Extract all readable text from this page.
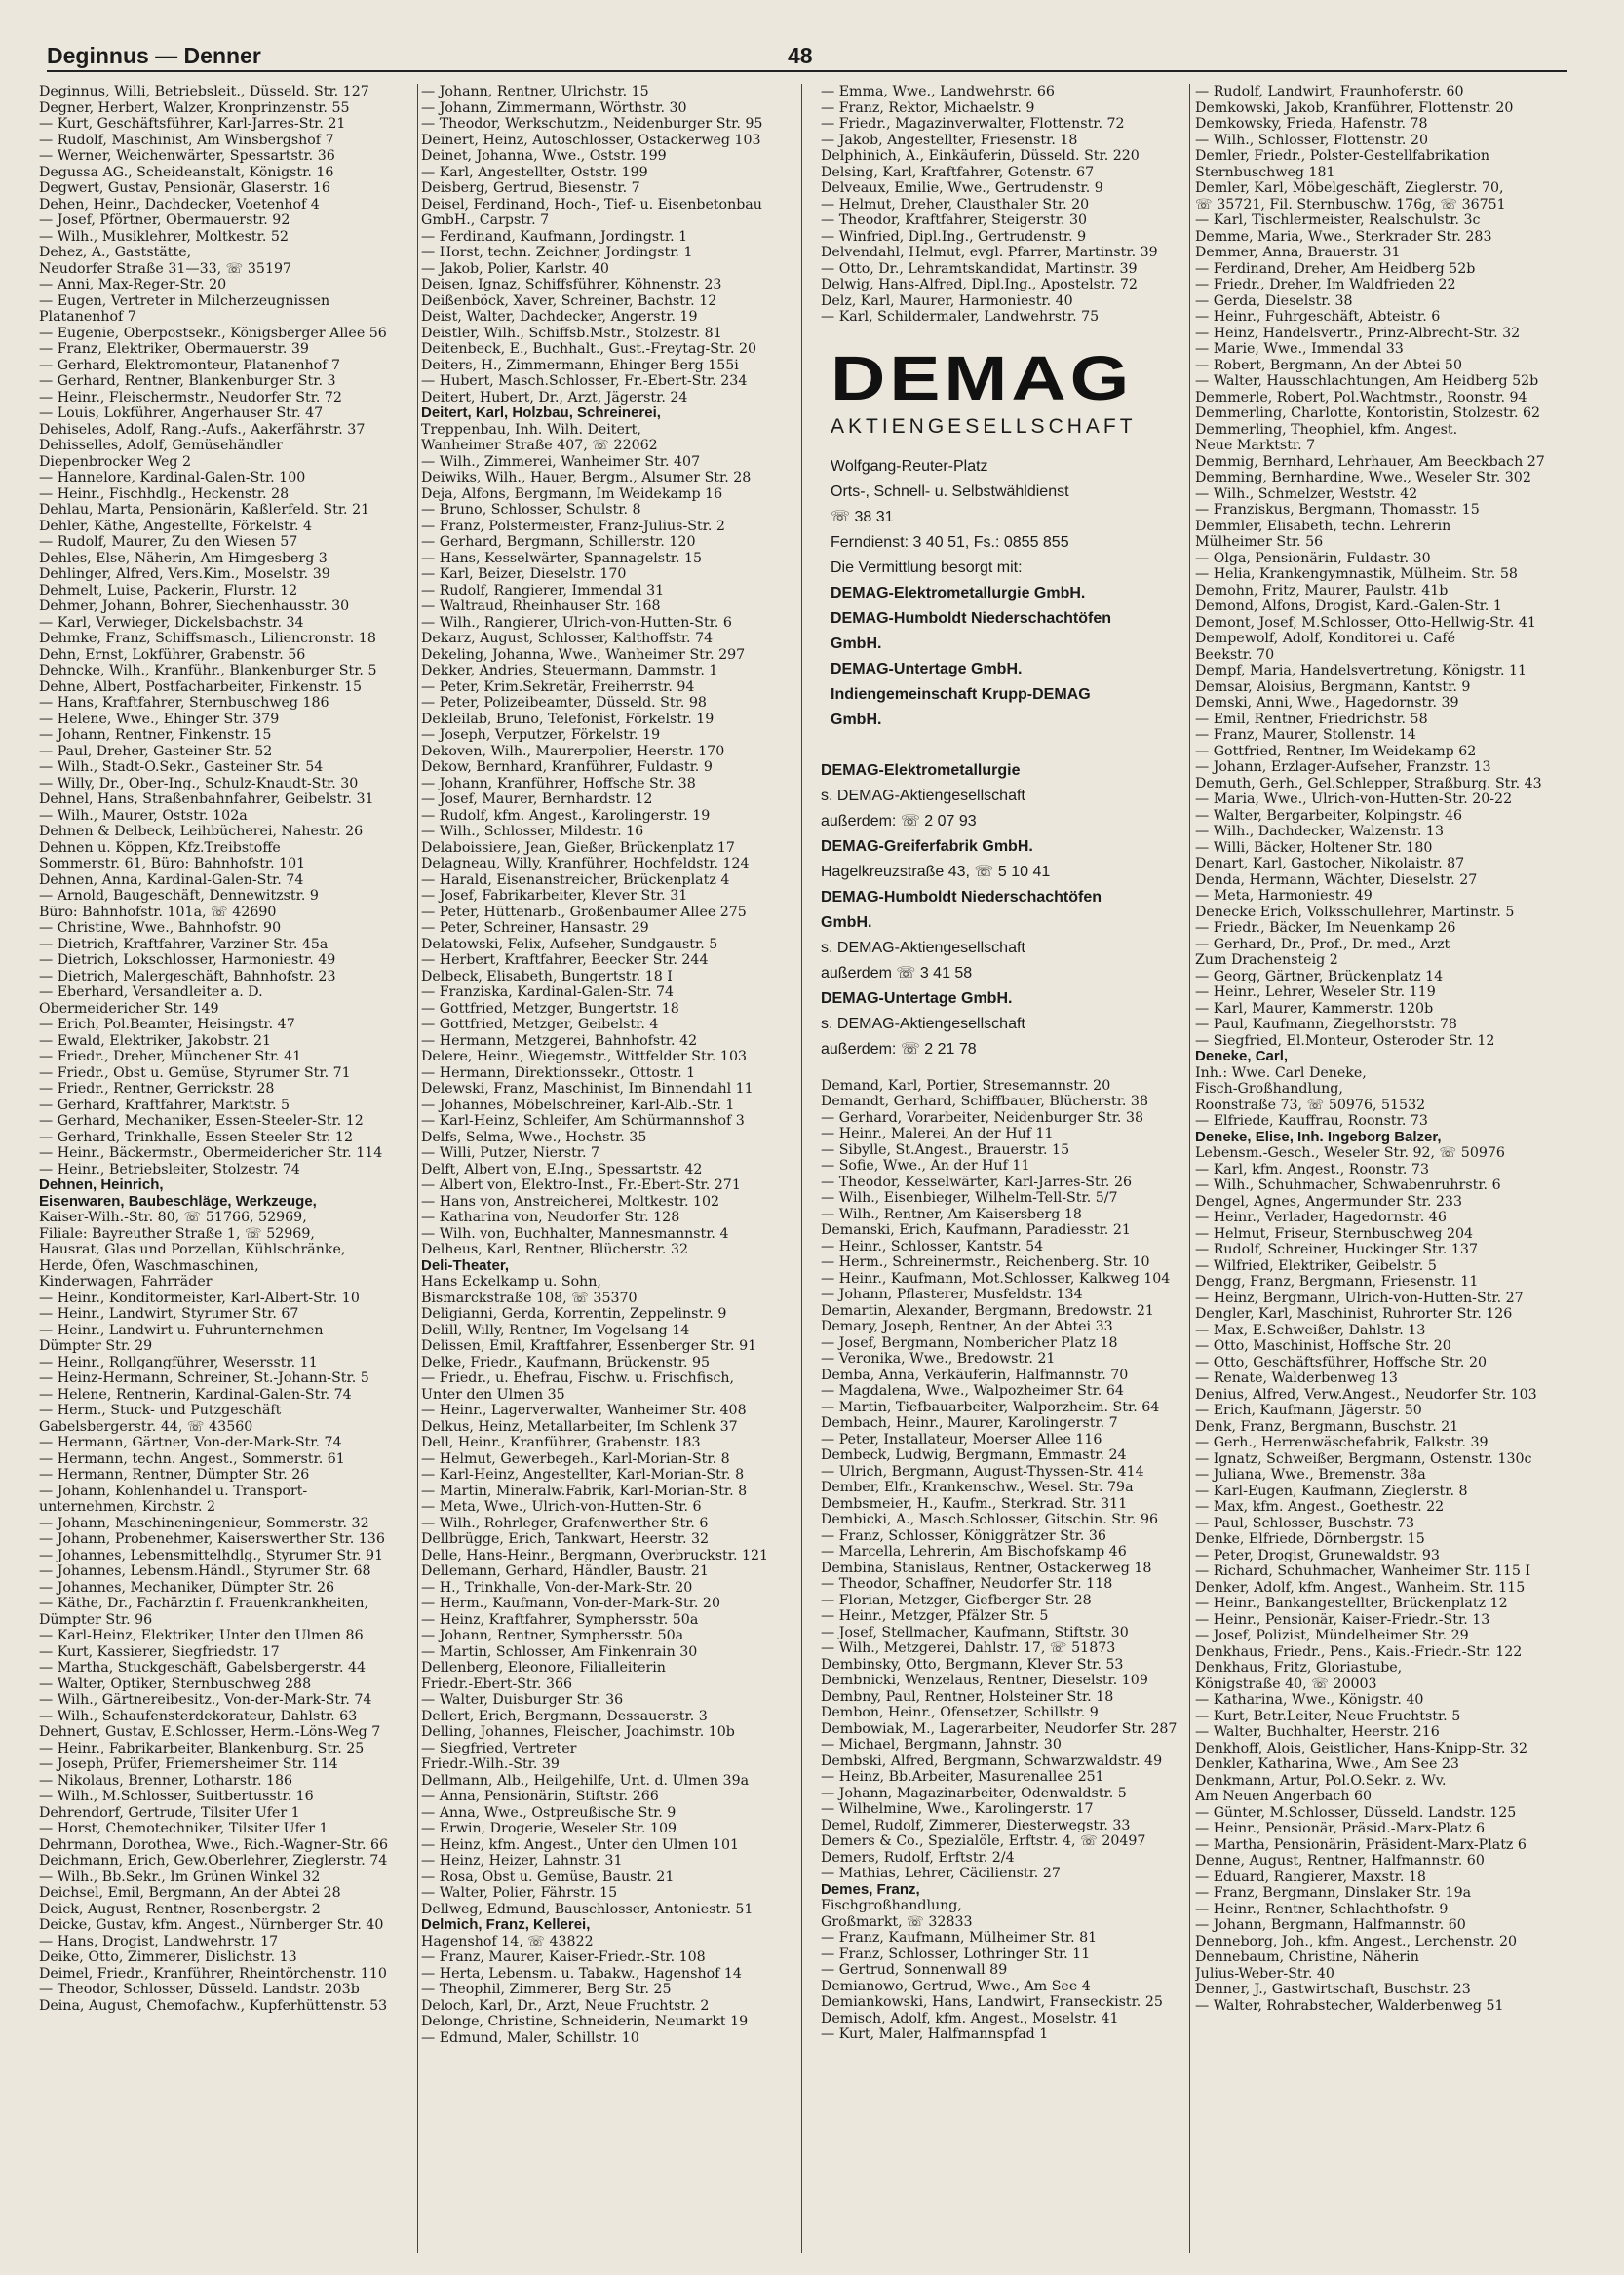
Deginnus — Denner	48
Deginnus, Willi, Betriebsleit., Düsseld. Str. 127
Degner, Herbert, Walzer, Kronprinzenstr. 55
— Kurt, Geschäftsführer, Karl-Jarres-Str. 21
— Rudolf, Maschinist, Am Winsbergshof 7
— Werner, Weichenwärter, Spessartstr. 36
Degussa AG., Scheideanstalt, Königstr. 16
Degwert, Gustav, Pensionär, Glaserstr. 16
Dehen, Heinr., Dachdecker, Voetenhof 4
— Josef, Pförtner, Obermauerstr. 92
— Wilh., Musiklehrer, Moltkestr. 52
Dehez, A., Gaststätte,
Neudorfer Straße 31—33, ☏ 35197
— Anni, Max-Reger-Str. 20
— Eugen, Vertreter in Milcherzeugnissen
Platanenhof 7
— Eugenie, Oberpostsekr., Königsberger Allee 56
— Franz, Elektriker, Obermauerstr. 39
— Gerhard, Elektromonteur, Platanenhof 7
— Gerhard, Rentner, Blankenburger Str. 3
— Heinr., Fleischermstr., Neudorfer Str. 72
— Louis, Lokführer, Angerhauser Str. 47
Dehiseles, Adolf, Rang.-Aufs., Aakerfährstr. 37
Dehisselles, Adolf, Gemüsehändler
Diepenbrocker Weg 2
— Hannelore, Kardinal-Galen-Str. 100
— Heinr., Fischhdlg., Heckenstr. 28
Dehlau, Marta, Pensionärin, Kaßlerfeld. Str. 21
Dehler, Käthe, Angestellte, Förkelstr. 4
— Rudolf, Maurer, Zu den Wiesen 57
Dehles, Else, Näherin, Am Himgesberg 3
Dehlinger, Alfred, Vers.Kim., Moselstr. 39
Dehmelt, Luise, Packerin, Flurstr. 12
Dehmer, Johann, Bohrer, Siechenhausstr. 30
— Karl, Verwieger, Dickelsbachstr. 34
Dehmke, Franz, Schiffsmasch., Liliencronstr. 18
Dehn, Ernst, Lokführer, Grabenstr. 56
Dehncke, Wilh., Kranführ., Blankenburger Str. 5
Dehne, Albert, Postfacharbeiter, Finkenstr. 15
— Hans, Kraftfahrer, Sternbuschweg 186
— Helene, Wwe., Ehinger Str. 379
— Johann, Rentner, Finkenstr. 15
— Paul, Dreher, Gasteiner Str. 52
— Wilh., Stadt-O.Sekr., Gasteiner Str. 54
— Willy, Dr., Ober-Ing., Schulz-Knaudt-Str. 30
Dehnel, Hans, Straßenbahnfahrer, Geibelstr. 31
— Wilh., Maurer, Oststr. 102a
Dehnen & Delbeck, Leihbücherei, Nahestr. 26
Dehnen u. Köppen, Kfz.Treibstoffe
Sommerstr. 61, Büro: Bahnhofstr. 101
Dehnen, Anna, Kardinal-Galen-Str. 74
— Arnold, Baugeschäft, Dennewitzstr. 9
Büro: Bahnhofstr. 101a, ☏ 42690
— Christine, Wwe., Bahnhofstr. 90
— Dietrich, Kraftfahrer, Varziner Str. 45a
— Dietrich, Lokschlosser, Harmoniestr. 49
— Dietrich, Malergeschäft, Bahnhofstr. 23
— Eberhard, Versandleiter a. D.
Obermeidericher Str. 149
— Erich, Pol.Beamter, Heisingstr. 47
— Ewald, Elektriker, Jakobstr. 21
— Friedr., Dreher, Münchener Str. 41
— Friedr., Obst u. Gemüse, Styrumer Str. 71
— Friedr., Rentner, Gerrickstr. 28
— Gerhard, Kraftfahrer, Marktstr. 5
— Gerhard, Mechaniker, Essen-Steeler-Str. 12
— Gerhard, Trinkhalle, Essen-Steeler-Str. 12
— Heinr., Bäckermstr., Obermeidericher Str. 114
— Heinr., Betriebsleiter, Stolzestr. 74
Dehnen, Heinrich,
Eisenwaren, Baubeschläge, Werkzeuge,
Kaiser-Wilh.-Str. 80, ☏ 51766, 52969,
Filiale: Bayreuther Straße 1, ☏ 52969,
Hausrat, Glas und Porzellan, Kühlschränke,
Herde, Öfen, Waschmaschinen,
Kinderwagen, Fahrräder
— Heinr., Konditormeister, Karl-Albert-Str. 10
— Heinr., Landwirt, Styrumer Str. 67
— Heinr., Landwirt u. Fuhrunternehmen
Dümpter Str. 29
— Heinr., Rollgangführer, Wesersstr. 11
— Heinz-Hermann, Schreiner, St.-Johann-Str. 5
— Helene, Rentnerin, Kardinal-Galen-Str. 74
— Herm., Stuck- und Putzgeschäft
Gabelsbergerstr. 44, ☏ 43560
— Hermann, Gärtner, Von-der-Mark-Str. 74
— Hermann, techn. Angest., Sommerstr. 61
— Hermann, Rentner, Dümpter Str. 26
— Johann, Kohlenhandel u. Transport-
unternehmen, Kirchstr. 2
— Johann, Maschineningenieur, Sommerstr. 32
— Johann, Probenehmer, Kaiserswerther Str. 136
— Johannes, Lebensmittelhdlg., Styrumer Str. 91
— Johannes, Lebensm.Händl., Styrumer Str. 68
— Johannes, Mechaniker, Dümpter Str. 26
— Käthe, Dr., Fachärztin f. Frauenkrankheiten,
Dümpter Str. 96
— Karl-Heinz, Elektriker, Unter den Ulmen 86
— Kurt, Kassierer, Siegfriedstr. 17
— Martha, Stuckgeschäft, Gabelsbergerstr. 44
— Walter, Optiker, Sternbuschweg 288
— Wilh., Gärtnereibesitz., Von-der-Mark-Str. 74
— Wilh., Schaufensterdekorateur, Dahlstr. 63
Dehnert, Gustav, E.Schlosser, Herm.-Löns-Weg 7
— Heinr., Fabrikarbeiter, Blankenburg. Str. 25
— Joseph, Prüfer, Friemersheimer Str. 114
— Nikolaus, Brenner, Lotharstr. 186
— Wilh., M.Schlosser, Suitbertusstr. 16
Dehrendorf, Gertrude, Tilsiter Ufer 1
— Horst, Chemotechniker, Tilsiter Ufer 1
Dehrmann, Dorothea, Wwe., Rich.-Wagner-Str. 66
Deichmann, Erich, Gew.Oberlehrer, Zieglerstr. 74
— Wilh., Bb.Sekr., Im Grünen Winkel 32
Deichsel, Emil, Bergmann, An der Abtei 28
Deick, August, Rentner, Rosenbergstr. 2
Deicke, Gustav, kfm. Angest., Nürnberger Str. 40
— Hans, Drogist, Landwehrstr. 17
Deike, Otto, Zimmerer, Dislichstr. 13
Deimel, Friedr., Kranführer, Rheintörchenstr. 110
— Theodor, Schlosser, Düsseld. Landstr. 203b
Deina, August, Chemofachw., Kupferhüttenstr. 53
— Johann, Rentner, Ulrichstr. 15
— Johann, Zimmermann, Wörthstr. 30
— Theodor, Werkschutzm., Neidenburger Str. 95
Deinert, Heinz, Autoschlosser, Ostackerweg 103
Deinet, Johanna, Wwe., Oststr. 199
— Karl, Angestellter, Oststr. 199
Deisberg, Gertrud, Biesenstr. 7
Deisel, Ferdinand, Hoch-, Tief- u. Eisenbetonbau
GmbH., Carpstr. 7
— Ferdinand, Kaufmann, Jordingstr. 1
— Horst, techn. Zeichner, Jordingstr. 1
— Jakob, Polier, Karlstr. 40
Deisen, Ignaz, Schiffsführer, Köhnenstr. 23
Deißenböck, Xaver, Schreiner, Bachstr. 12
Deist, Walter, Dachdecker, Angerstr. 19
Deistler, Wilh., Schiffsb.Mstr., Stolzestr. 81
Deitenbeck, E., Buchhalt., Gust.-Freytag-Str. 20
Deiters, H., Zimmermann, Ehinger Berg 155i
— Hubert, Masch.Schlosser, Fr.-Ebert-Str. 234
Deitert, Hubert, Dr., Arzt, Jägerstr. 24
Deitert, Karl, Holzbau, Schreinerei,
Treppenbau, Inh. Wilh. Deitert,
Wanheimer Straße 407, ☏ 22062
— Wilh., Zimmerei, Wanheimer Str. 407
Deiwiks, Wilh., Hauer, Bergm., Alsumer Str. 28
Deja, Alfons, Bergmann, Im Weidekamp 16
— Bruno, Schlosser, Schulstr. 8
— Franz, Polstermeister, Franz-Julius-Str. 2
— Gerhard, Bergmann, Schillerstr. 120
— Hans, Kesselwärter, Spannagelstr. 15
— Karl, Beizer, Dieselstr. 170
— Rudolf, Rangierer, Immendal 31
— Waltraud, Rheinhauser Str. 168
— Wilh., Rangierer, Ulrich-von-Hutten-Str. 6
Dekarz, August, Schlosser, Kalthoffstr. 74
Dekeling, Johanna, Wwe., Wanheimer Str. 297
Dekker, Andries, Steuermann, Dammstr. 1
— Peter, Krim.Sekretär, Freiherrstr. 94
— Peter, Polizeibeamter, Düsseld. Str. 98
Dekleilab, Bruno, Telefonist, Förkelstr. 19
— Joseph, Verputzer, Förkelstr. 19
Dekoven, Wilh., Maurerpolier, Heerstr. 170
Dekow, Bernhard, Kranführer, Fuldastr. 9
— Johann, Kranführer, Hoffsche Str. 38
— Josef, Maurer, Bernhardstr. 12
— Rudolf, kfm. Angest., Karolingerstr. 19
— Wilh., Schlosser, Mildestr. 16
Delaboissiere, Jean, Gießer, Brückenplatz 17
Delagneau, Willy, Kranführer, Hochfeldstr. 124
— Harald, Eisenanstreicher, Brückenplatz 4
— Josef, Fabrikarbeiter, Klever Str. 31
— Peter, Hüttenarb., Großenbaumer Allee 275
— Peter, Schreiner, Hansastr. 29
Delatowski, Felix, Aufseher, Sundgaustr. 5
— Herbert, Kraftfahrer, Beecker Str. 244
Delbeck, Elisabeth, Bungertstr. 18 I
— Franziska, Kardinal-Galen-Str. 74
— Gottfried, Metzger, Bungertstr. 18
— Gottfried, Metzger, Geibelstr. 4
— Hermann, Metzgerei, Bahnhofstr. 42
Delere, Heinr., Wiegemstr., Wittfelder Str. 103
— Hermann, Direktionssekr., Ottostr. 1
Delewski, Franz, Maschinist, Im Binnendahl 11
— Johannes, Möbelschreiner, Karl-Alb.-Str. 1
— Karl-Heinz, Schleifer, Am Schürmannshof 3
Delfs, Selma, Wwe., Hochstr. 35
— Willi, Putzer, Nierstr. 7
Delft, Albert von, E.Ing., Spessartstr. 42
— Albert von, Elektro-Inst., Fr.-Ebert-Str. 271
— Hans von, Anstreicherei, Moltkestr. 102
— Katharina von, Neudorfer Str. 128
— Wilh. von, Buchhalter, Mannesmannstr. 4
Delheus, Karl, Rentner, Blücherstr. 32
Deli-Theater,
Hans Eckelkamp u. Sohn,
Bismarckstraße 108, ☏ 35370
Deligianni, Gerda, Korrentin, Zeppelinstr. 9
Delill, Willy, Rentner, Im Vogelsang 14
Delissen, Emil, Kraftfahrer, Essenberger Str. 91
Delke, Friedr., Kaufmann, Brückenstr. 95
— Friedr., u. Ehefrau, Fischw. u. Frischfisch,
Unter den Ulmen 35
— Heinr., Lagerverwalter, Wanheimer Str. 408
Delkus, Heinz, Metallarbeiter, Im Schlenk 37
Dell, Heinr., Kranführer, Grabenstr. 183
— Helmut, Gewerbegeh., Karl-Morian-Str. 8
— Karl-Heinz, Angestellter, Karl-Morian-Str. 8
— Martin, Mineralw.Fabrik, Karl-Morian-Str. 8
— Meta, Wwe., Ulrich-von-Hutten-Str. 6
— Wilh., Rohrleger, Grafenwerther Str. 6
Dellbrügge, Erich, Tankwart, Heerstr. 32
Delle, Hans-Heinr., Bergmann, Overbruckstr. 121
Dellemann, Gerhard, Händler, Baustr. 21
— H., Trinkhalle, Von-der-Mark-Str. 20
— Herm., Kaufmann, Von-der-Mark-Str. 20
— Heinz, Kraftfahrer, Symphersstr. 50a
— Johann, Rentner, Symphersstr. 50a
— Martin, Schlosser, Am Finkenrain 30
Dellenberg, Eleonore, Filialleiterin
Friedr.-Ebert-Str. 366
— Walter, Duisburger Str. 36
Dellert, Erich, Bergmann, Dessauerstr. 3
Delling, Johannes, Fleischer, Joachimstr. 10b
— Siegfried, Vertreter
Friedr.-Wilh.-Str. 39
Dellmann, Alb., Heilgehilfe, Unt. d. Ulmen 39a
— Anna, Pensionärin, Stiftstr. 266
— Anna, Wwe., Ostpreußische Str. 9
— Erwin, Drogerie, Weseler Str. 109
— Heinz, kfm. Angest., Unter den Ulmen 101
— Heinz, Heizer, Lahnstr. 31
— Rosa, Obst u. Gemüse, Baustr. 21
— Walter, Polier, Fährstr. 15
Dellweg, Edmund, Bauschlosser, Antoniestr. 51
Delmich, Franz, Kellerei,
Hagenshof 14, ☏ 43822
— Franz, Maurer, Kaiser-Friedr.-Str. 108
— Herta, Lebensm. u. Tabakw., Hagenshof 14
— Theophil, Zimmerer, Berg Str. 25
Deloch, Karl, Dr., Arzt, Neue Fruchtstr. 2
Delonge, Christine, Schneiderin, Neumarkt 19
— Edmund, Maler, Schillstr. 10
— Emma, Wwe., Landwehrstr. 66
— Franz, Rektor, Michaelstr. 9
— Friedr., Magazinverwalter, Flottenstr. 72
— Jakob, Angestellter, Friesenstr. 18
Delphinich, A., Einkäuferin, Düsseld. Str. 220
Delsing, Karl, Kraftfahrer, Gotenstr. 67
Delveaux, Emilie, Wwe., Gertrudenstr. 9
— Helmut, Dreher, Clausthaler Str. 20
— Theodor, Kraftfahrer, Steigerstr. 30
— Winfried, Dipl.Ing., Gertrudenstr. 9
Delvendahl, Helmut, evgl. Pfarrer, Martinstr. 39
— Otto, Dr., Lehramtskandidat, Martinstr. 39
Delwig, Hans-Alfred, Dipl.Ing., Apostelstr. 72
Delz, Karl, Maurer, Harmoniestr. 40
— Karl, Schildermaler, Landwehrstr. 75
DEMAG
AKTIENGESELLSCHAFT
Wolfgang-Reuter-Platz
Orts-, Schnell- u. Selbstwähldienst
☏ 38 31
Ferndienst: 3 40 51, Fs.: 0855 855
Die Vermittlung besorgt mit:
DEMAG-Elektrometallurgie GmbH.
DEMAG-Humboldt Niederschachtöfen
GmbH.
DEMAG-Untertage GmbH.
Indiengemeinschaft Krupp-DEMAG
GmbH.
DEMAG-Elektrometallurgie
s. DEMAG-Aktiengesellschaft
außerdem: ☏ 2 07 93
DEMAG-Greiferfabrik GmbH.
Hagelkreuzstraße 43, ☏ 5 10 41
DEMAG-Humboldt Niederschachtöfen
GmbH.
s. DEMAG-Aktiengesellschaft
außerdem ☏ 3 41 58
DEMAG-Untertage GmbH.
s. DEMAG-Aktiengesellschaft
außerdem: ☏ 2 21 78
Demand, Karl, Portier, Stresemannstr. 20
Demandt, Gerhard, Schiffbauer, Blücherstr. 38
— Gerhard, Vorarbeiter, Neidenburger Str. 38
— Heinr., Malerei, An der Huf 11
— Sibylle, St.Angest., Brauerstr. 15
— Sofie, Wwe., An der Huf 11
— Theodor, Kesselwärter, Karl-Jarres-Str. 26
— Wilh., Eisenbieger, Wilhelm-Tell-Str. 5/7
— Wilh., Rentner, Am Kaisersberg 18
Demanski, Erich, Kaufmann, Paradiesstr. 21
— Heinr., Schlosser, Kantstr. 54
— Herm., Schreinermstr., Reichenberg. Str. 10
— Heinr., Kaufmann, Mot.Schlosser, Kalkweg 104
— Johann, Pflasterer, Musfeldstr. 134
Demartin, Alexander, Bergmann, Bredowstr. 21
Demary, Joseph, Rentner, An der Abtei 33
— Josef, Bergmann, Nombericher Platz 18
— Veronika, Wwe., Bredowstr. 21
Demba, Anna, Verkäuferin, Halfmannstr. 70
— Magdalena, Wwe., Walpozheimer Str. 64
— Martin, Tiefbauarbeiter, Walporzheim. Str. 64
Dembach, Heinr., Maurer, Karolingerstr. 7
— Peter, Installateur, Moerser Allee 116
Dembeck, Ludwig, Bergmann, Emmastr. 24
— Ulrich, Bergmann, August-Thyssen-Str. 414
Dember, Elfr., Krankenschw., Wesel. Str. 79a
Dembsmeier, H., Kaufm., Sterkrad. Str. 311
Dembicki, A., Masch.Schlosser, Gitschin. Str. 96
— Franz, Schlosser, Königgrätzer Str. 36
— Marcella, Lehrerin, Am Bischofskamp 46
Dembina, Stanislaus, Rentner, Ostackerweg 18
— Theodor, Schaffner, Neudorfer Str. 118
— Florian, Metzger, Giefberger Str. 28
— Heinr., Metzger, Pfälzer Str. 5
— Josef, Stellmacher, Kaufmann, Stiftstr. 30
— Wilh., Metzgerei, Dahlstr. 17, ☏ 51873
Dembinsky, Otto, Bergmann, Klever Str. 53
Dembnicki, Wenzelaus, Rentner, Dieselstr. 109
Dembny, Paul, Rentner, Holsteiner Str. 18
Dembon, Heinr., Ofensetzer, Schillstr. 9
Dembowiak, M., Lagerarbeiter, Neudorfer Str. 287
— Michael, Bergmann, Jahnstr. 30
Dembski, Alfred, Bergmann, Schwarzwaldstr. 49
— Heinz, Bb.Arbeiter, Masurenallee 251
— Johann, Magazinarbeiter, Odenwaldstr. 5
— Wilhelmine, Wwe., Karolingerstr. 17
Demel, Rudolf, Zimmerer, Diesterwegstr. 33
Demers & Co., Spezialöle, Erftstr. 4, ☏ 20497
Demers, Rudolf, Erftstr. 2/4
— Mathias, Lehrer, Cäcilienstr. 27
Demes, Franz,
Fischgroßhandlung,
Großmarkt, ☏ 32833
— Franz, Kaufmann, Mülheimer Str. 81
— Franz, Schlosser, Lothringer Str. 11
— Gertrud, Sonnenwall 89
Demianowo, Gertrud, Wwe., Am See 4
Demiankowski, Hans, Landwirt, Franseckistr. 25
Demisch, Adolf, kfm. Angest., Moselstr. 41
— Kurt, Maler, Halfmannspfad 1
— Rudolf, Landwirt, Fraunhoferstr. 60
Demkowski, Jakob, Kranführer, Flottenstr. 20
Demkowsky, Frieda, Hafenstr. 78
— Wilh., Schlosser, Flottenstr. 20
Demler, Friedr., Polster-Gestellfabrikation
Sternbuschweg 181
Demler, Karl, Möbelgeschäft, Zieglerstr. 70,
☏ 35721, Fil. Sternbuschw. 176g, ☏ 36751
— Karl, Tischlermeister, Realschulstr. 3c
Demme, Maria, Wwe., Sterkrader Str. 283
Demmer, Anna, Brauerstr. 31
— Ferdinand, Dreher, Am Heidberg 52b
— Friedr., Dreher, Im Waldfrieden 22
— Gerda, Dieselstr. 38
— Heinr., Fuhrgeschäft, Abteistr. 6
— Heinz, Handelsvertr., Prinz-Albrecht-Str. 32
— Marie, Wwe., Immendal 33
— Robert, Bergmann, An der Abtei 50
— Walter, Hausschlachtungen, Am Heidberg 52b
Demmerle, Robert, Pol.Wachtmstr., Roonstr. 94
Demmerling, Charlotte, Kontoristin, Stolzestr. 62
Demmerling, Theophiel, kfm. Angest.
Neue Marktstr. 7
Demmig, Bernhard, Lehrhauer, Am Beeckbach 27
Demming, Bernhardine, Wwe., Weseler Str. 302
— Wilh., Schmelzer, Weststr. 42
— Franziskus, Bergmann, Thomasstr. 15
Demmler, Elisabeth, techn. Lehrerin
Mülheimer Str. 56
— Olga, Pensionärin, Fuldastr. 30
— Helia, Krankengymnastik, Mülheim. Str. 58
Demohn, Fritz, Maurer, Paulstr. 41b
Demond, Alfons, Drogist, Kard.-Galen-Str. 1
Demont, Josef, M.Schlosser, Otto-Hellwig-Str. 41
Dempewolf, Adolf, Konditorei u. Café
Beekstr. 70
Dempf, Maria, Handelsvertretung, Königstr. 11
Demsar, Aloisius, Bergmann, Kantstr. 9
Demski, Anni, Wwe., Hagedornstr. 39
— Emil, Rentner, Friedrichstr. 58
— Franz, Maurer, Stollenstr. 14
— Gottfried, Rentner, Im Weidekamp 62
— Johann, Erzlager-Aufseher, Franzstr. 13
Demuth, Gerh., Gel.Schlepper, Straßburg. Str. 43
— Maria, Wwe., Ulrich-von-Hutten-Str. 20-22
— Walter, Bergarbeiter, Kolpingstr. 46
— Wilh., Dachdecker, Walzenstr. 13
— Willi, Bäcker, Holtener Str. 180
Denart, Karl, Gastocher, Nikolaistr. 87
Denda, Hermann, Wächter, Dieselstr. 27
— Meta, Harmoniestr. 49
Denecke Erich, Volksschullehrer, Martinstr. 5
— Friedr., Bäcker, Im Neuenkamp 26
— Gerhard, Dr., Prof., Dr. med., Arzt
Zum Drachensteig 2
— Georg, Gärtner, Brückenplatz 14
— Heinr., Lehrer, Weseler Str. 119
— Karl, Maurer, Kammerstr. 120b
— Paul, Kaufmann, Ziegelhorststr. 78
— Siegfried, El.Monteur, Osteroder Str. 12
Deneke, Carl,
Inh.: Wwe. Carl Deneke,
Fisch-Großhandlung,
Roonstraße 73, ☏ 50976, 51532
— Elfriede, Kauffrau, Roonstr. 73
Deneke, Elise, Inh. Ingeborg Balzer,
Lebensm.-Gesch., Weseler Str. 92, ☏ 50976
— Karl, kfm. Angest., Roonstr. 73
— Wilh., Schuhmacher, Schwabenruhrstr. 6
Dengel, Agnes, Angermunder Str. 233
— Heinr., Verlader, Hagedornstr. 46
— Helmut, Friseur, Sternbuschweg 204
— Rudolf, Schreiner, Huckinger Str. 137
— Wilfried, Elektriker, Geibelstr. 5
Dengg, Franz, Bergmann, Friesenstr. 11
— Heinz, Bergmann, Ulrich-von-Hutten-Str. 27
Dengler, Karl, Maschinist, Ruhrorter Str. 126
— Max, E.Schweißer, Dahlstr. 13
— Otto, Maschinist, Hoffsche Str. 20
— Otto, Geschäftsführer, Hoffsche Str. 20
— Renate, Walderbenweg 13
Denius, Alfred, Verw.Angest., Neudorfer Str. 103
— Erich, Kaufmann, Jägerstr. 50
Denk, Franz, Bergmann, Buschstr. 21
— Gerh., Herrenwäschefabrik, Falkstr. 39
— Ignatz, Schweißer, Bergmann, Ostenstr. 130c
— Juliana, Wwe., Bremenstr. 38a
— Karl-Eugen, Kaufmann, Zieglerstr. 8
— Max, kfm. Angest., Goethestr. 22
— Paul, Schlosser, Buschstr. 73
Denke, Elfriede, Dörnbergstr. 15
— Peter, Drogist, Grunewaldstr. 93
— Richard, Schuhmacher, Wanheimer Str. 115 I
Denker, Adolf, kfm. Angest., Wanheim. Str. 115
— Heinr., Bankangestellter, Brückenplatz 12
— Heinr., Pensionär, Kaiser-Friedr.-Str. 13
— Josef, Polizist, Mündelheimer Str. 29
Denkhaus, Friedr., Pens., Kais.-Friedr.-Str. 122
Denkhaus, Fritz, Gloriastube,
Königstraße 40, ☏ 20003
— Katharina, Wwe., Königstr. 40
— Kurt, Betr.Leiter, Neue Fruchtstr. 5
— Walter, Buchhalter, Heerstr. 216
Denkhoff, Alois, Geistlicher, Hans-Knipp-Str. 32
Denkler, Katharina, Wwe., Am See 23
Denkmann, Artur, Pol.O.Sekr. z. Wv.
Am Neuen Angerbach 60
— Günter, M.Schlosser, Düsseld. Landstr. 125
— Heinr., Pensionär, Präsid.-Marx-Platz 6
— Martha, Pensionärin, Präsident-Marx-Platz 6
Denne, August, Rentner, Halfmannstr. 60
— Eduard, Rangierer, Maxstr. 18
— Franz, Bergmann, Dinslaker Str. 19a
— Heinr., Rentner, Schlachthofstr. 9
— Johann, Bergmann, Halfmannstr. 60
Denneborg, Joh., kfm. Angest., Lerchenstr. 20
Dennebaum, Christine, Näherin
Julius-Weber-Str. 40
Denner, J., Gastwirtschaft, Buschstr. 23
— Walter, Rohrabstecher, Walderbenweg 51
